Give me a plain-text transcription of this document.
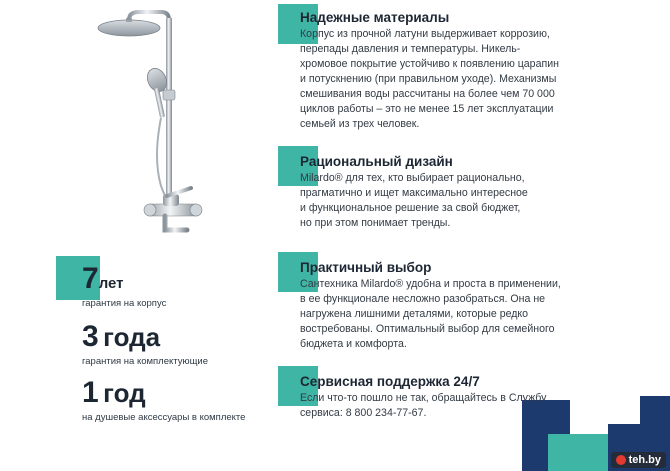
Надежные материалы

Корпус из прочной латуни выдерживает коррозию,
перепады давления и температуры. Никель-
хромовое покрытие устойчиво к появлению царапин
и потускнению (при правильном уходе). Механизмы
смешивания воды рассчитаны на более чем 70 000
циклов работы – это не менее 15 лет эксплуатации
семьей из трех человек.

Рациональный дизайн

Milardo® для тех, кто выбирает рационально,
прагматично и ищет максимально интересное
и функциональное решение за свой бюджет,
но при этом понимает тренды.

Практичный выбор

Сантехника Milardo® удобна и проста в применении,
в ее функционале несложно разобраться. Она не
нагружена лишними деталями, которые редко
востребованы. Оптимальный выбор для семейного
бюджета и комфорта.

Сервисная поддержка 24/7

Если что-то пошло не так, обращайтесь в Службу
сервиса: 8 800 234-77-67.

7лет
гарантия на корпус
3 года
гарантия на комплектующие
1 год
на душевые аксессуары в комплекте
teh.by
